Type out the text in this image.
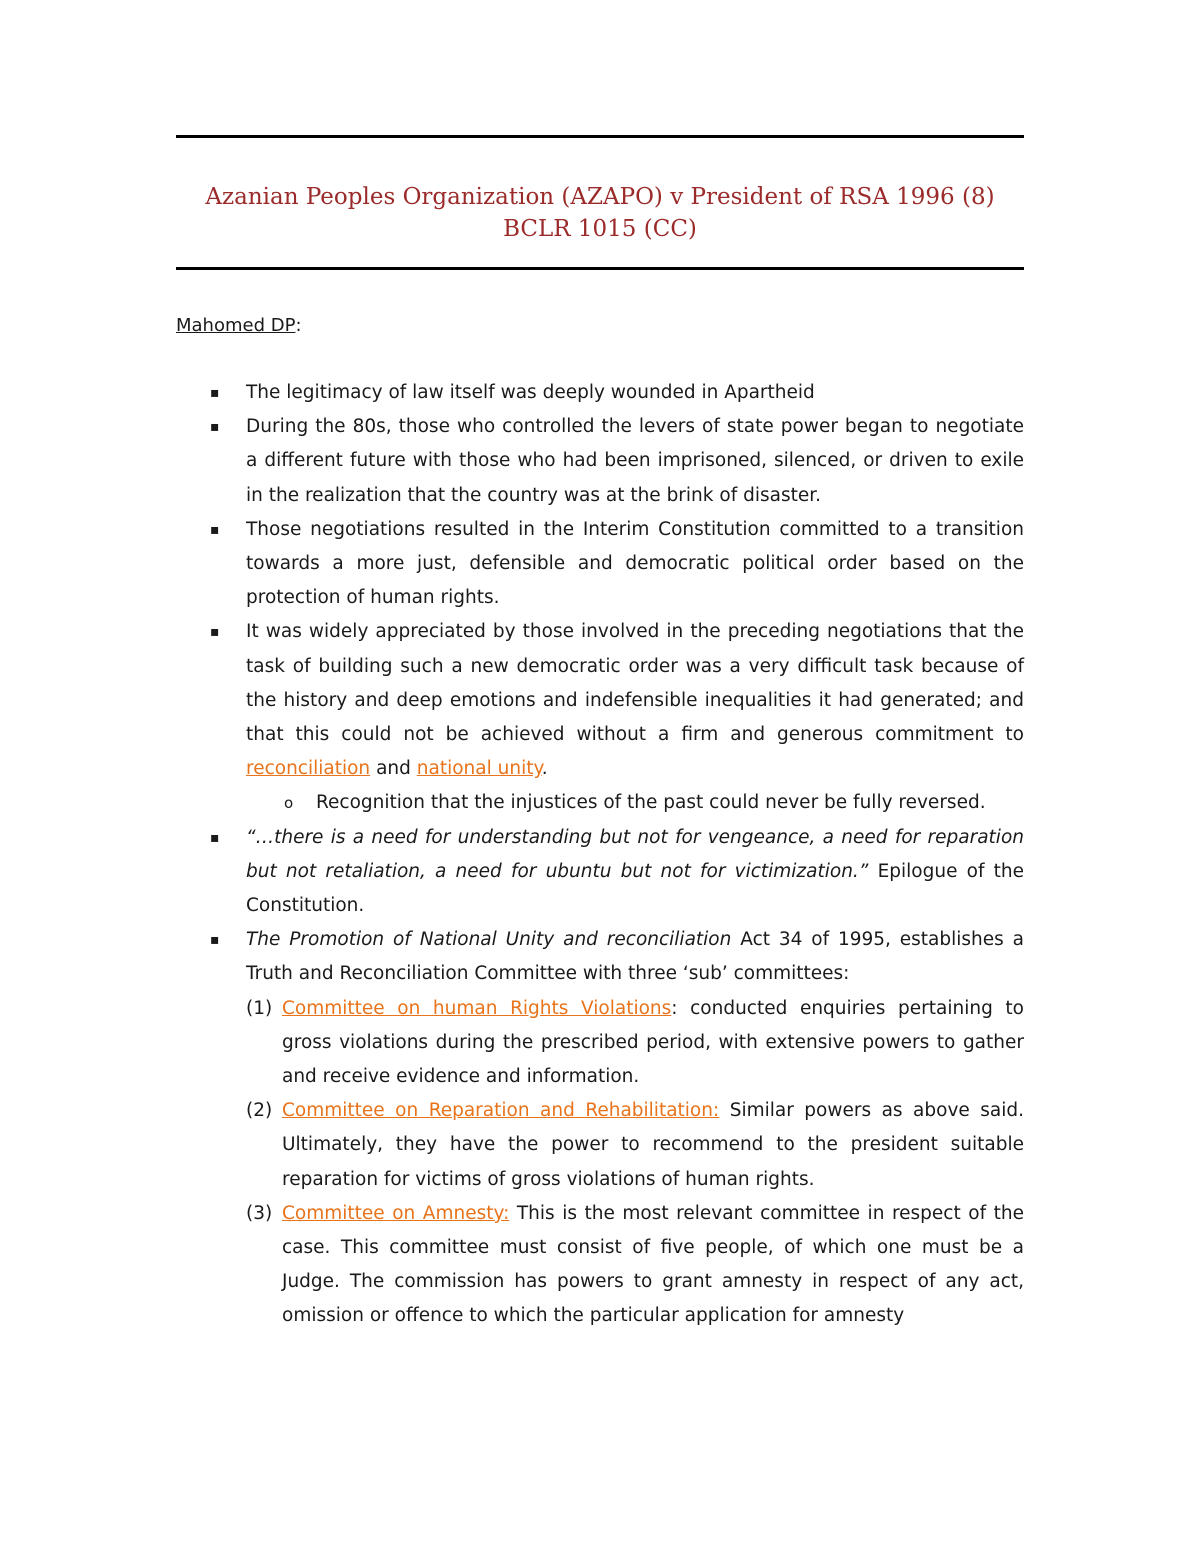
Azanian Peoples Organization (AZAPO) v President of RSA 1996 (8)
BCLR 1015 (CC)
Mahomed DP:
▪ The legitimacy of law itself was deeply wounded in Apartheid
▪ During the 80s, those who controlled the levers of state power began to negotiate a different future with those who had been imprisoned, silenced, or driven to exile in the realization that the country was at the brink of disaster.
▪ Those negotiations resulted in the Interim Constitution committed to a transition towards a more just, defensible and democratic political order based on the protection of human rights.
▪ It was widely appreciated by those involved in the preceding negotiations that the task of building such a new democratic order was a very difficult task because of the history and deep emotions and indefensible inequalities it had generated; and that this could not be achieved without a firm and generous commitment to reconciliation and national unity.
o Recognition that the injustices of the past could never be fully reversed.
▪ “…there is a need for understanding but not for vengeance, a need for reparation but not retaliation, a need for ubuntu but not for victimization.” Epilogue of the Constitution.
▪ The Promotion of National Unity and reconciliation Act 34 of 1995, establishes a Truth and Reconciliation Committee with three ‘sub’ committees:
(1) Committee on human Rights Violations: conducted enquiries pertaining to gross violations during the prescribed period, with extensive powers to gather and receive evidence and information.
(2) Committee on Reparation and Rehabilitation: Similar powers as above said. Ultimately, they have the power to recommend to the president suitable reparation for victims of gross violations of human rights.
(3) Committee on Amnesty: This is the most relevant committee in respect of the case. This committee must consist of five people, of which one must be a Judge. The commission has powers to grant amnesty in respect of any act, omission or offence to which the particular application for amnesty
